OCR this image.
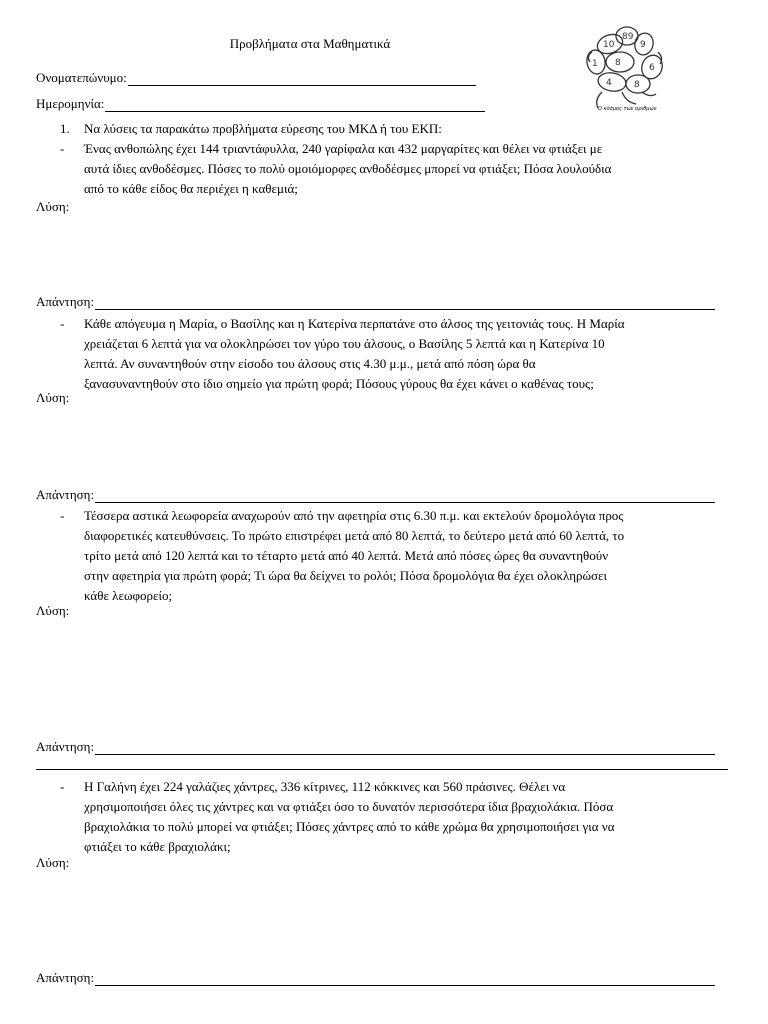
Προβλήματα στα Μαθηματικά	10
89
9
1 8	6
4 8
Ο κόσμος των αριθμών
Ονοματεπώνυμο:
Ημερομηνία:
1. Να λύσεις τα παρακάτω προβλήματα εύρεσης του ΜΚΔ ή του ΕΚΠ:
- Ένας ανθοπώλης έχει 144 τριαντάφυλλα, 240 γαρίφαλα και 432 μαργαρίτες και θέλει να φτιάξει με
αυτά ίδιες ανθοδέσμες. Πόσες το πολύ ομοιόμορφες ανθοδέσμες μπορεί να φτιάξει; Πόσα λουλούδια
από το κάθε είδος θα περιέχει η καθεμιά;
Λύση:
Απάντηση:
- Κάθε απόγευμα η Μαρία, ο Βασίλης και η Κατερίνα περπατάνε στο άλσος της γειτονιάς τους. Η Μαρία
χρειάζεται 6 λεπτά για να ολοκληρώσει τον γύρο του άλσους, ο Βασίλης 5 λεπτά και η Κατερίνα 10
λεπτά. Αν συναντηθούν στην είσοδο του άλσους στις 4.30 μ.μ., μετά από πόση ώρα θα
ξανασυναντηθούν στο ίδιο σημείο για πρώτη φορά; Πόσους γύρους θα έχει κάνει ο καθένας τους;
Λύση:
Απάντηση:
- Τέσσερα αστικά λεωφορεία αναχωρούν από την αφετηρία στις 6.30 π.μ. και εκτελούν δρομολόγια προς
διαφορετικές κατευθύνσεις. Το πρώτο επιστρέφει μετά από 80 λεπτά, το δεύτερο μετά από 60 λεπτά, το
τρίτο μετά από 120 λεπτά και το τέταρτο μετά από 40 λεπτά. Μετά από πόσες ώρες θα συναντηθούν
στην αφετηρία για πρώτη φορά; Τι ώρα θα δείχνει το ρολόι; Πόσα δρομολόγια θα έχει ολοκληρώσει
κάθε λεωφορείο;
Λύση:
Απάντηση:
- Η Γαλήνη έχει 224 γαλάζιες χάντρες, 336 κίτρινες, 112 κόκκινες και 560 πράσινες. Θέλει να
χρησιμοποιήσει όλες τις χάντρες και να φτιάξει όσο το δυνατόν περισσότερα ίδια βραχιολάκια. Πόσα
βραχιολάκια το πολύ μπορεί να φτιάξει; Πόσες χάντρες από το κάθε χρώμα θα χρησιμοποιήσει για να
φτιάξει το κάθε βραχιολάκι;
Λύση:
Απάντηση:
